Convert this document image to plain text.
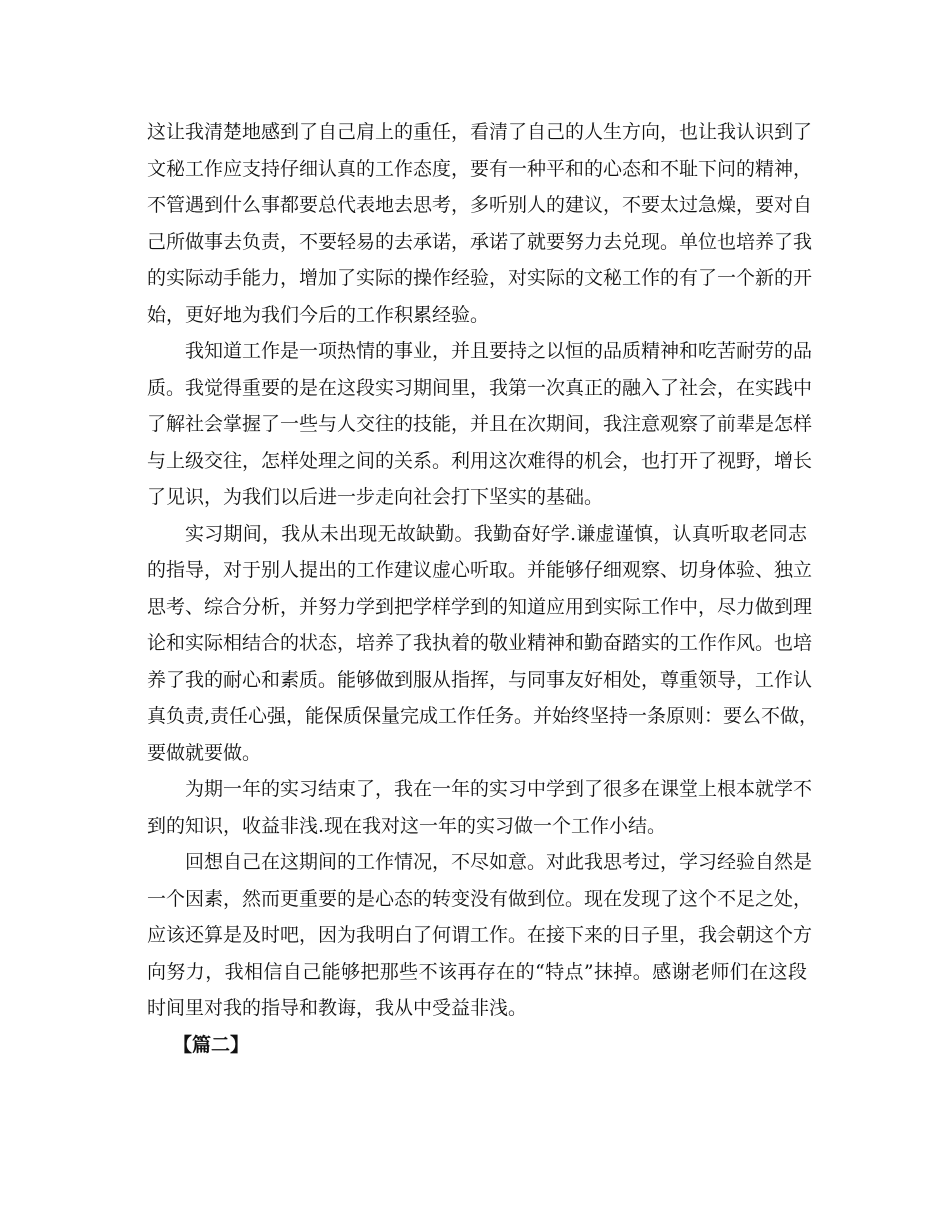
这让我清楚地感到了自己肩上的重任，看清了自己的人生方向，也让我认识到了
文秘工作应支持仔细认真的工作态度，要有一种平和的心态和不耻下问的精神，
不管遇到什么事都要总代表地去思考，多听别人的建议，不要太过急燥，要对自
己所做事去负责，不要轻易的去承诺，承诺了就要努力去兑现。单位也培养了我
的实际动手能力，增加了实际的操作经验，对实际的文秘工作的有了一个新的开
始，更好地为我们今后的工作积累经验。
我知道工作是一项热情的事业，并且要持之以恒的品质精神和吃苦耐劳的品
质。我觉得重要的是在这段实习期间里，我第一次真正的融入了社会，在实践中
了解社会掌握了一些与人交往的技能，并且在次期间，我注意观察了前辈是怎样
与上级交往，怎样处理之间的关系。利用这次难得的机会，也打开了视野，增长
了见识，为我们以后进一步走向社会打下坚实的基础。
实习期间，我从未出现无故缺勤。我勤奋好学.谦虚谨慎，认真听取老同志
的指导，对于别人提出的工作建议虚心听取。并能够仔细观察、切身体验、独立
思考、综合分析，并努力学到把学样学到的知道应用到实际工作中，尽力做到理
论和实际相结合的状态，培养了我执着的敬业精神和勤奋踏实的工作作风。也培
养了我的耐心和素质。能够做到服从指挥，与同事友好相处，尊重领导，工作认
真负责,责任心强，能保质保量完成工作任务。并始终坚持一条原则：要么不做，
要做就要做。
为期一年的实习结束了，我在一年的实习中学到了很多在课堂上根本就学不
到的知识，收益非浅.现在我对这一年的实习做一个工作小结。
回想自己在这期间的工作情况，不尽如意。对此我思考过，学习经验自然是
一个因素，然而更重要的是心态的转变没有做到位。现在发现了这个不足之处，
应该还算是及时吧，因为我明白了何谓工作。在接下来的日子里，我会朝这个方
向努力，我相信自己能够把那些不该再存在的“特点”抹掉。感谢老师们在这段
时间里对我的指导和教诲，我从中受益非浅。
【篇二】
